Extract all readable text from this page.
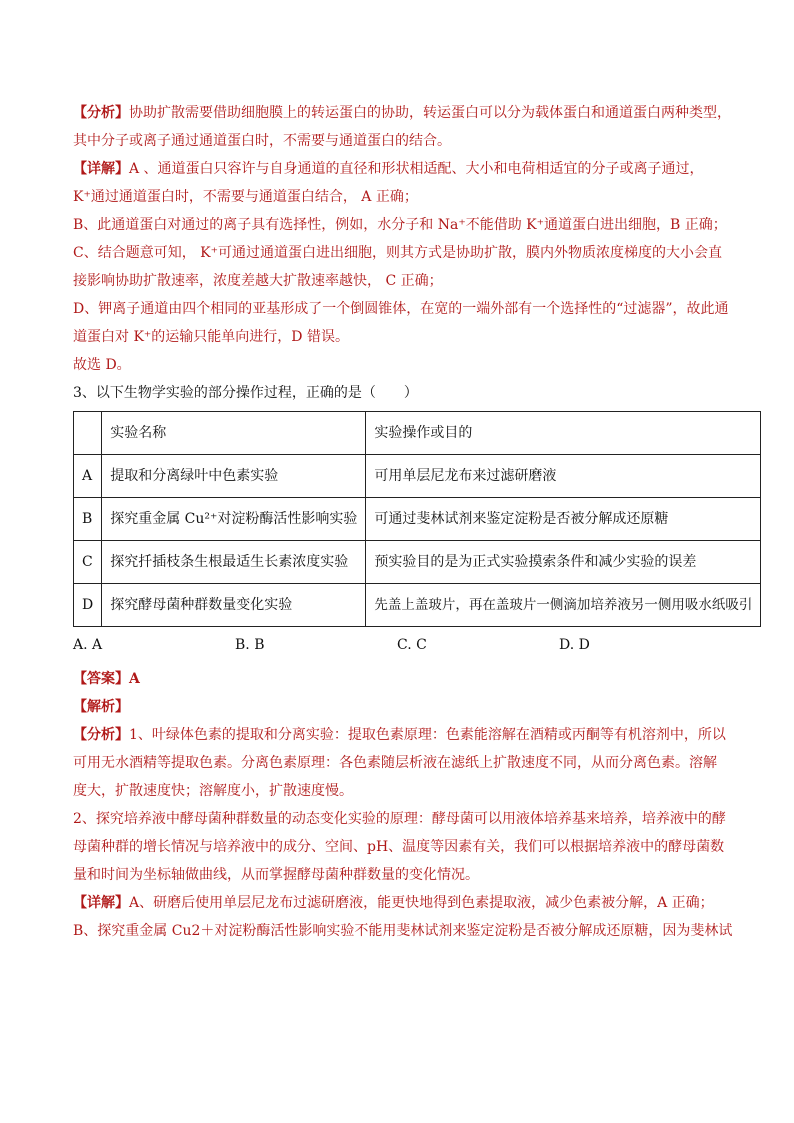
【分析】协助扩散需要借助细胞膜上的转运蛋白的协助，转运蛋白可以分为载体蛋白和通道蛋白两种类型，

其中分子或离子通过通道蛋白时，不需要与通道蛋白的结合。

【详解】A 、通道蛋白只容许与自身通道的直径和形状相适配、大小和电荷相适宜的分子或离子通过，

K⁺通过通道蛋白时，不需要与通道蛋白结合， A 正确；

B、此通道蛋白对通过的离子具有选择性，例如，水分子和 Na⁺不能借助 K⁺通道蛋白进出细胞，B 正确；

C、结合题意可知， K⁺可通过通道蛋白进出细胞，则其方式是协助扩散，膜内外物质浓度梯度的大小会直

接影响协助扩散速率，浓度差越大扩散速率越快， C 正确；

D、钾离子通道由四个相同的亚基形成了一个倒圆锥体，在宽的一端外部有一个选择性的“过滤器”，故此通

道蛋白对 K⁺的运输只能单向进行，D 错误。

故选 D。

3、以下生物学实验的部分操作过程，正确的是（　　）

	实验名称	实验操作或目的
A	提取和分离绿叶中色素实验	可用单层尼龙布来过滤研磨液
B	探究重金属 Cu²⁺对淀粉酶活性影响实验	可通过斐林试剂来鉴定淀粉是否被分解成还原糖
C	探究扦插枝条生根最适生长素浓度实验	预实验目的是为正式实验摸索条件和减少实验的误差
D	探究酵母菌种群数量变化实验	先盖上盖玻片，再在盖玻片一侧滴加培养液另一侧用吸水纸吸引
A. A	B. B	C. C	D. D

【答案】A

【解析】

【分析】1、叶绿体色素的提取和分离实验：提取色素原理：色素能溶解在酒精或丙酮等有机溶剂中，所以

可用无水酒精等提取色素。分离色素原理：各色素随层析液在滤纸上扩散速度不同，从而分离色素。溶解

度大，扩散速度快；溶解度小，扩散速度慢。

2、探究培养液中酵母菌种群数量的动态变化实验的原理：酵母菌可以用液体培养基来培养，培养液中的酵

母菌种群的增长情况与培养液中的成分、空间、pH、温度等因素有关，我们可以根据培养液中的酵母菌数

量和时间为坐标轴做曲线，从而掌握酵母菌种群数量的变化情况。

【详解】A、研磨后使用单层尼龙布过滤研磨液，能更快地得到色素提取液，减少色素被分解，A 正确；

B、探究重金属 Cu2＋对淀粉酶活性影响实验不能用斐林试剂来鉴定淀粉是否被分解成还原糖，因为斐林试
